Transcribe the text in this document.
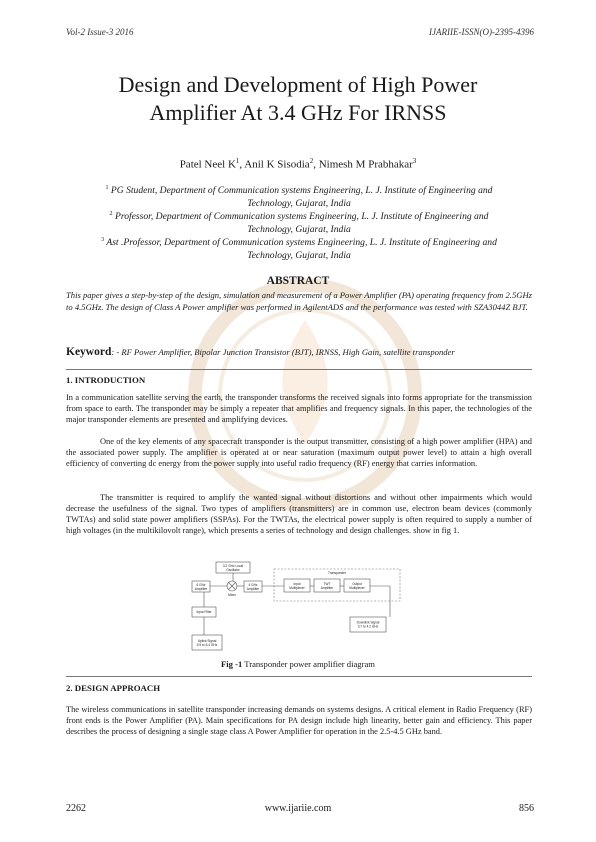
Vol-2 Issue-3 2016	IJARIIE-ISSN(O)-2395-4396
Design and Development of High Power
Amplifier At 3.4 GHz For IRNSS
Patel Neel $K^1$, Anil K Sisodia$^2$, Nimesh M Prabhakar$^3$
$^1$ PG Student, Department of Communication systems Engineering, L. J. Institute of Engineering and
Technology, Gujarat, India
$^2$ Professor, Department of Communication systems Engineering, L. J. Institute of Engineering and
Technology, Gujarat, India
$^3$ Ast .Professor, Department of Communication systems Engineering, L. J. Institute of Engineering and
Technology, Gujarat, India
ABSTRACT
This paper gives a step-by-step of the design, simulation and measurement of a Power Amplifier (PA) operating frequency from 2.5GHz to 4.5GHz. The design of Class A Power amplifier was performed in AgilentADS and the performance was tested with SZA3044Z BJT.
Keyword: - RF Power Amplifier, Bipolar Junction Transistor (BJT), IRNSS, High Gain, satellite transponder
1. INTRODUCTION
In a communication satellite serving the earth, the transponder transforms the received signals into forms appropriate for the transmission from space to earth. The transponder may be simply a repeater that amplifies and frequency signals. In this paper, the technologies of the major transponder elements are presented and amplifying devices.
One of the key elements of any spacecraft transponder is the output transmitter, consisting of a high power amplifier (HPA) and the associated power supply. The amplifier is operated at or near saturation (maximum output power level) to attain a high overall efficiency of converting dc energy from the power supply into useful radio frequency (RF) energy that carries information.
The transmitter is required to amplify the wanted signal without distortions and without other impairments which would decrease the usefulness of the signal. Two types of amplifiers (transmitters) are in common use, electron beam devices (commonly TWTAs) and solid state power amplifiers (SSPAs). For the TWTAs, the electrical power supply is often required to supply a number of high voltages (in the multikilovolt range), which presents a series of technology and design challenges. show in fig 1.
3.2 GHz Local
Oscillator
6 GHz
Amplifier
Mixer
4 GHz
Amplifier
Transponder
Input
Multiplexer
TWT
Amplifier
Output
Multiplexer
Input Filter
Uplink Signal
5.9 to 6.4 GHz
Downlink Signal
3.7 to 4.2 GHz
Fig -1 Transponder power amplifier diagram
2. DESIGN APPROACH
The wireless communications in satellite transponder increasing demands on systems designs. A critical element in Radio Frequency (RF) front ends is the Power Amplifier (PA). Main specifications for PA design include high linearity, better gain and efficiency. This paper describes the process of designing a single stage class A Power Amplifier for operation in the 2.5-4.5 GHz band.
2262	www.ijariie.com	856
